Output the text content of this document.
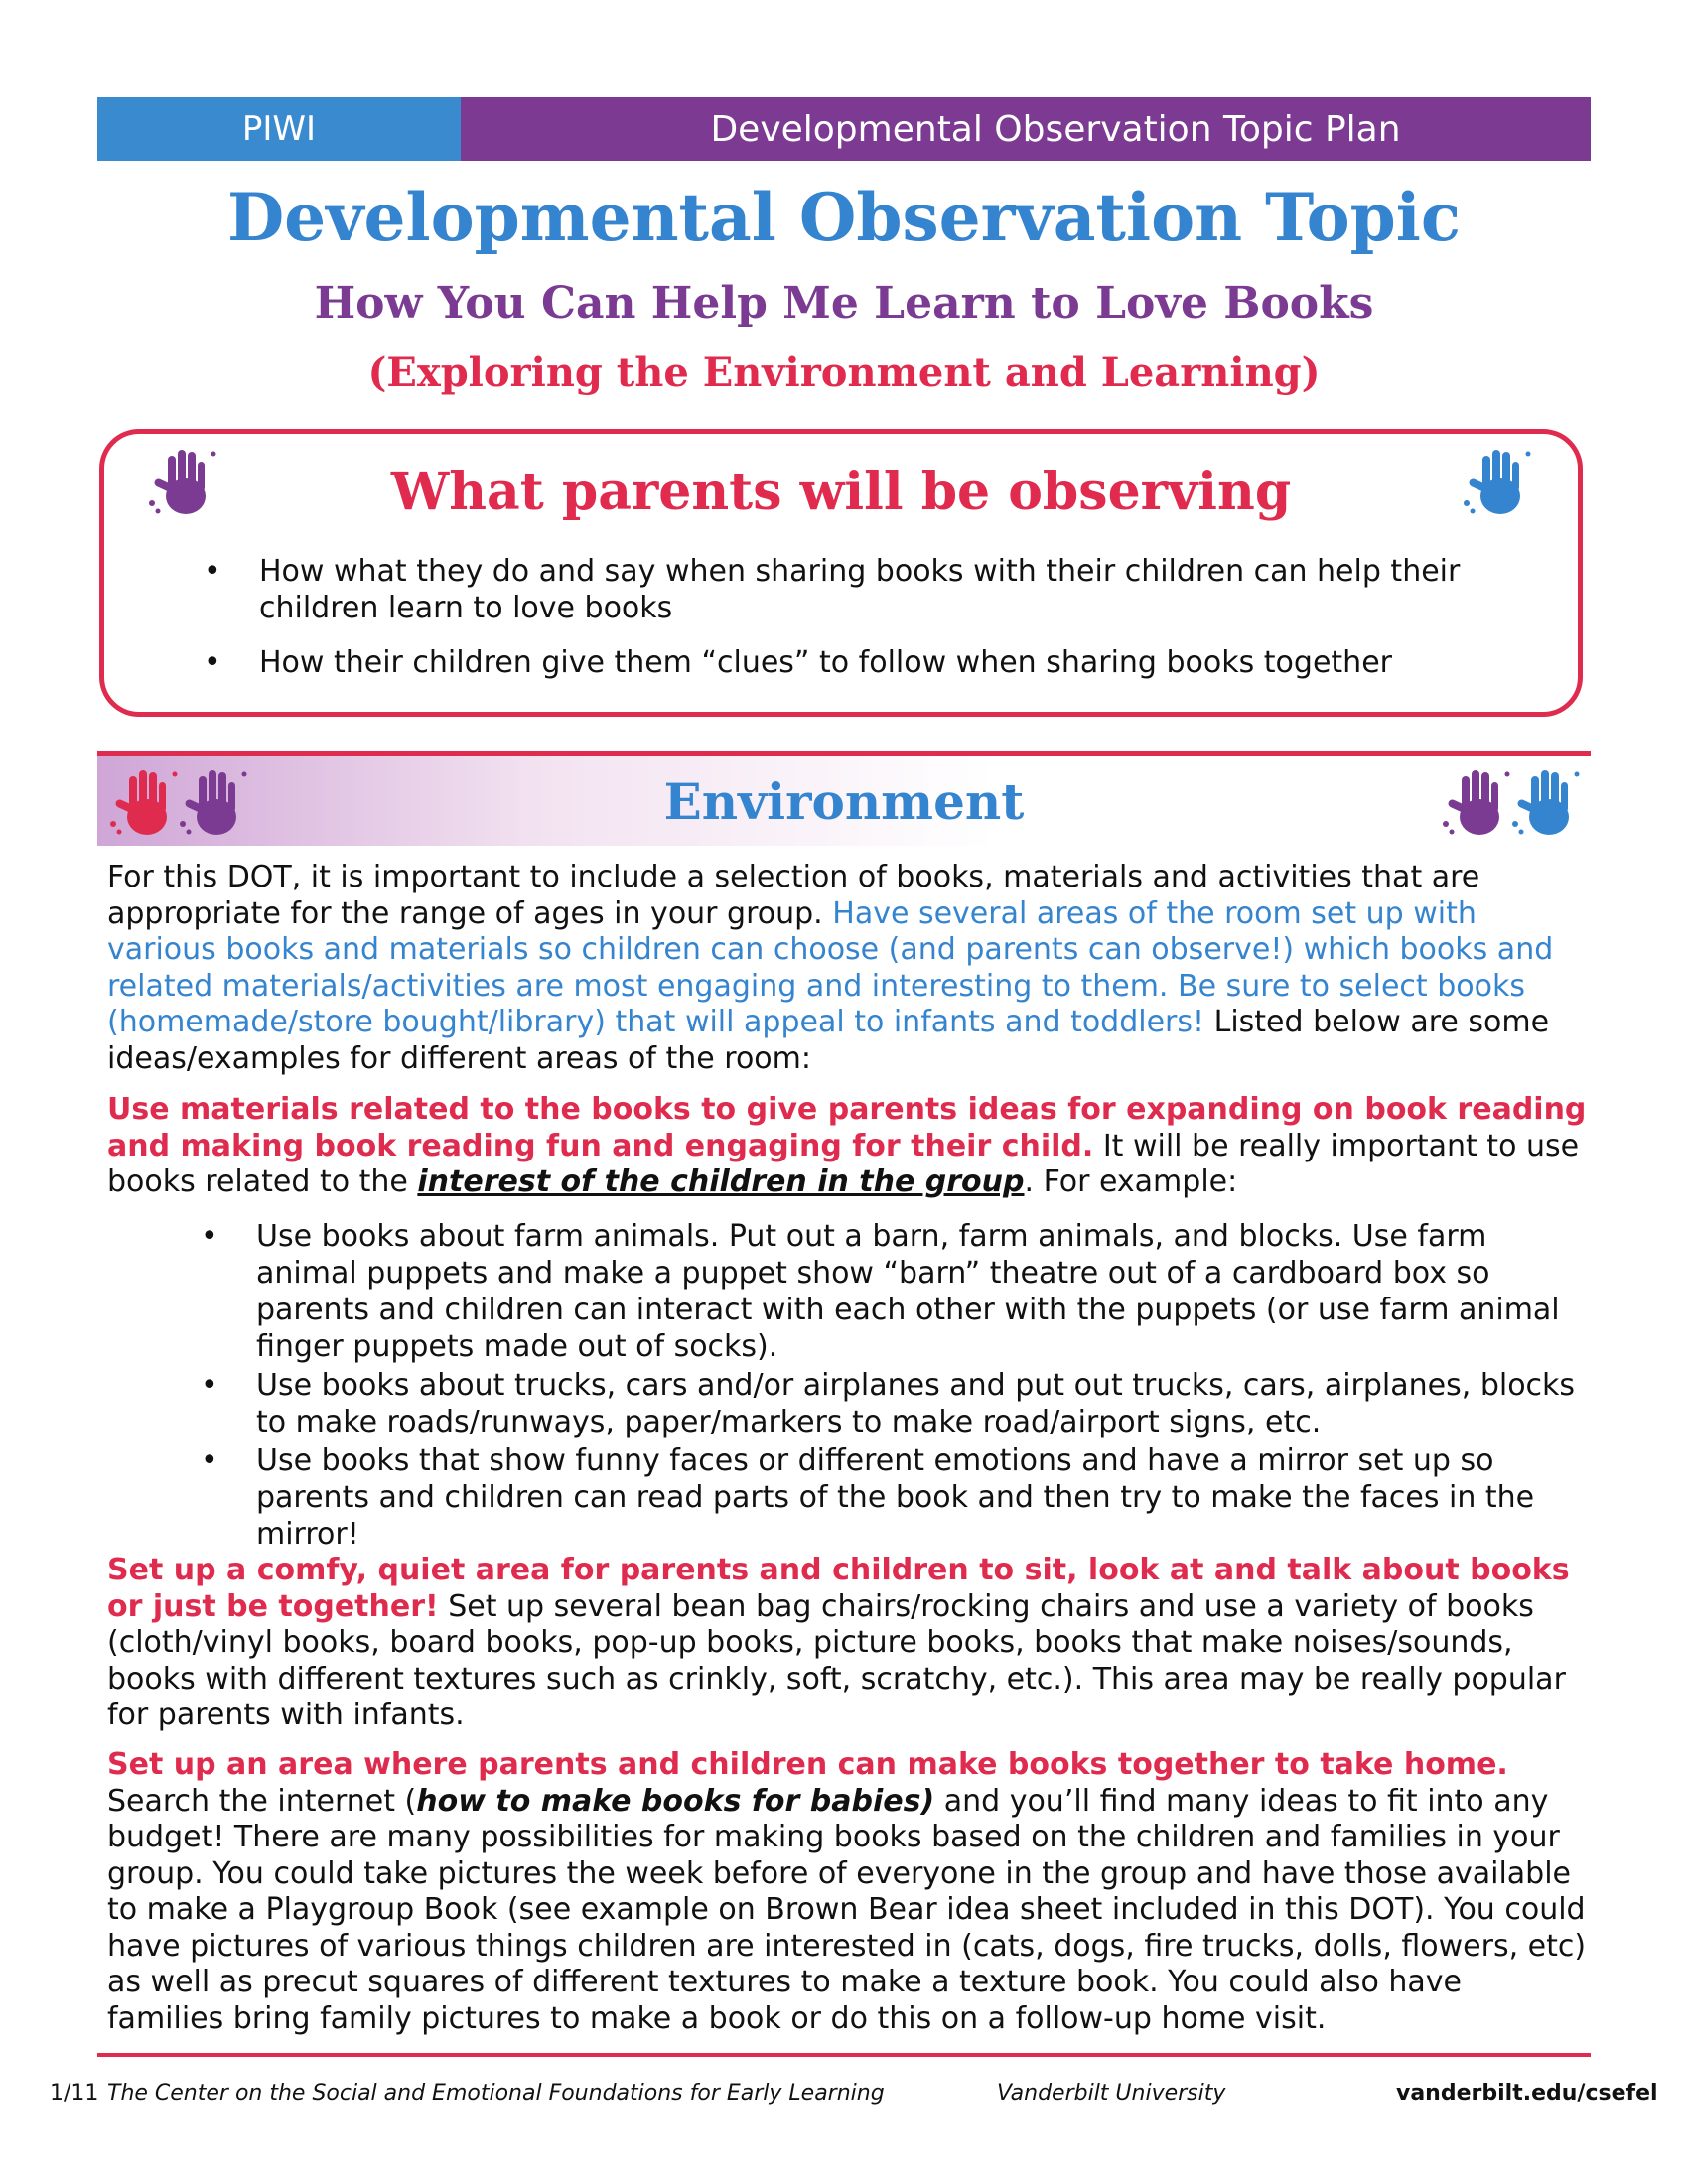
PIWI	Developmental Observation Topic Plan
Developmental Observation Topic
How You Can Help Me Learn to Love Books
(Exploring the Environment and Learning)
What parents will be observing
• How what they do and say when sharing books with their children can help their children learn to love books
• How their children give them “clues” to follow when sharing books together
Environment
For this DOT, it is important to include a selection of books, materials and activities that are appropriate for the range of ages in your group. Have several areas of the room set up with various books and materials so children can choose (and parents can observe!) which books and related materials/activities are most engaging and interesting to them. Be sure to select books (homemade/store bought/library) that will appeal to infants and toddlers! Listed below are some ideas/examples for different areas of the room:
Use materials related to the books to give parents ideas for expanding on book reading and making book reading fun and engaging for their child. It will be really important to use books related to the interest of the children in the group. For example:
• Use books about farm animals. Put out a barn, farm animals, and blocks. Use farm animal puppets and make a puppet show “barn” theatre out of a cardboard box so parents and children can interact with each other with the puppets (or use farm animal finger puppets made out of socks).
• Use books about trucks, cars and/or airplanes and put out trucks, cars, airplanes, blocks to make roads/runways, paper/markers to make road/airport signs, etc.
• Use books that show funny faces or different emotions and have a mirror set up so parents and children can read parts of the book and then try to make the faces in the mirror!
Set up a comfy, quiet area for parents and children to sit, look at and talk about books or just be together! Set up several bean bag chairs/rocking chairs and use a variety of books (cloth/vinyl books, board books, pop-up books, picture books, books that make noises/sounds, books with different textures such as crinkly, soft, scratchy, etc.). This area may be really popular for parents with infants.
Set up an area where parents and children can make books together to take home. Search the internet (how to make books for babies) and you’ll find many ideas to fit into any budget! There are many possibilities for making books based on the children and families in your group. You could take pictures the week before of everyone in the group and have those available to make a Playgroup Book (see example on Brown Bear idea sheet included in this DOT). You could have pictures of various things children are interested in (cats, dogs, fire trucks, dolls, flowers, etc) as well as precut squares of different textures to make a texture book. You could also have families bring family pictures to make a book or do this on a follow-up home visit.
1/11 The Center on the Social and Emotional Foundations for Early Learning	Vanderbilt University	vanderbilt.edu/csefel
